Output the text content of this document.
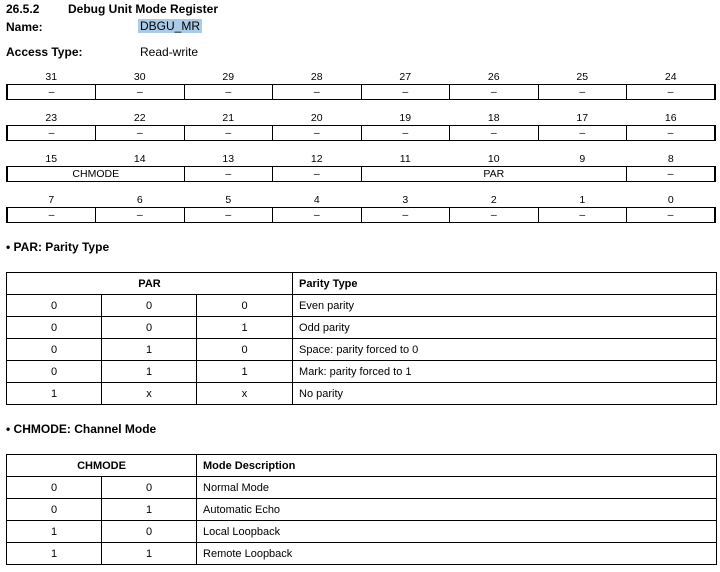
26.5.2 Debug Unit Mode Register
Name:	DBGU_MR
Access Type:	Read-write
31	30	29	28	27	26	25	24
–	–	–	–	–	–	–	–
23	22	21	20	19	18	17	16
–	–	–	–	–	–	–	–
15	14	13	12	11	10	9	8
CHMODE		–	–	PAR			–
7	6	5	4	3	2	1	0
–	–	–	–	–	–	–	–
• PAR: Parity Type
PAR			Parity Type
0	0	0	Even parity
0	0	1	Odd parity
0	1	0	Space: parity forced to 0
0	1	1	Mark: parity forced to 1
1	x	x	No parity
• CHMODE: Channel Mode
CHMODE		Mode Description
0	0	Normal Mode
0	1	Automatic Echo
1	0	Local Loopback
1	1	Remote Loopback
